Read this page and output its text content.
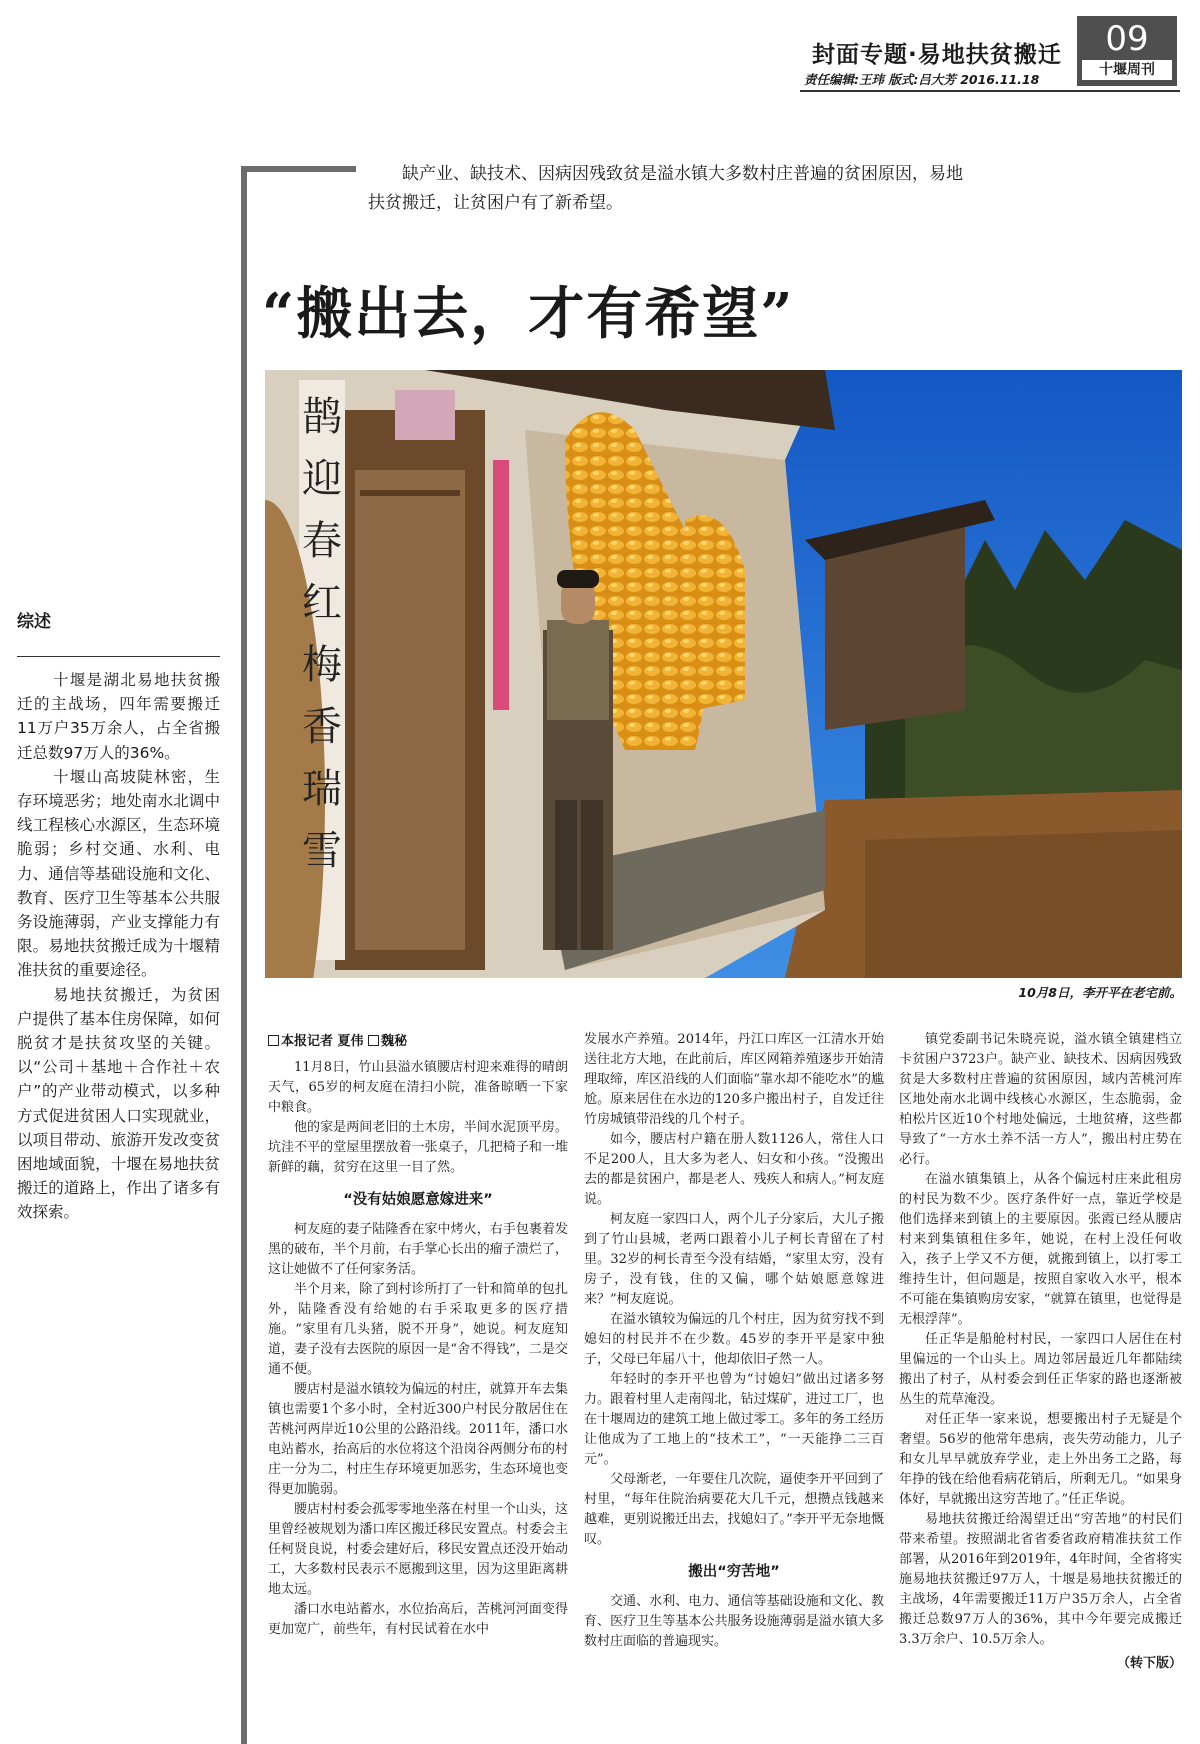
封面专题·易地扶贫搬迁
责任编辑:王玮 版式:吕大芳 2016.11.18
09
十堰周刊
缺产业、缺技术、因病因残致贫是溢水镇大多数村庄普遍的贫困原因，易地扶贫搬迁，让贫困户有了新希望。
“搬出去，才有希望”
鹊迎春红梅香瑞雪
10月8日，李开平在老宅前。
综述

十堰是湖北易地扶贫搬迁的主战场，四年需要搬迁11万户35万余人，占全省搬迁总数97万人的36%。

十堰山高坡陡林密，生存环境恶劣；地处南水北调中线工程核心水源区，生态环境脆弱；乡村交通、水利、电力、通信等基础设施和文化、教育、医疗卫生等基本公共服务设施薄弱，产业支撑能力有限。易地扶贫搬迁成为十堰精准扶贫的重要途径。

易地扶贫搬迁，为贫困户提供了基本住房保障，如何脱贫才是扶贫攻坚的关键。以“公司＋基地＋合作社＋农户”的产业带动模式，以多种方式促进贫困人口实现就业，以项目带动、旅游开发改变贫困地域面貌，十堰在易地扶贫搬迁的道路上，作出了诸多有效探索。

本报记者 夏伟 魏秘

11月8日，竹山县溢水镇腰店村迎来难得的晴朗天气，65岁的柯友庭在清扫小院，准备晾晒一下家中粮食。

他的家是两间老旧的土木房，半间水泥顶平房。坑洼不平的堂屋里摆放着一张桌子，几把椅子和一堆新鲜的藕，贫穷在这里一目了然。

“没有姑娘愿意嫁进来”

柯友庭的妻子陆隆香在家中烤火，右手包裹着发黑的破布，半个月前，右手掌心长出的瘤子溃烂了，这让她做不了任何家务活。

半个月来，除了到村诊所打了一针和简单的包扎外，陆隆香没有给她的右手采取更多的医疗措施。“家里有几头猪，脱不开身”，她说。柯友庭知道，妻子没有去医院的原因一是“舍不得钱”，二是交通不便。

腰店村是溢水镇较为偏远的村庄，就算开车去集镇也需要1个多小时，全村近300户村民分散居住在苦桃河两岸近10公里的公路沿线。2011年，潘口水电站蓄水，抬高后的水位将这个沿岗谷两侧分布的村庄一分为二，村庄生存环境更加恶劣，生态环境也变得更加脆弱。

腰店村村委会孤零零地坐落在村里一个山头，这里曾经被规划为潘口库区搬迁移民安置点。村委会主任柯贤良说，村委会建好后，移民安置点还没开始动工，大多数村民表示不愿搬到这里，因为这里距离耕地太远。

潘口水电站蓄水，水位抬高后，苦桃河河面变得更加宽广，前些年，有村民试着在水中

发展水产养殖。2014年，丹江口库区一江清水开始送往北方大地，在此前后，库区网箱养殖逐步开始清理取缔，库区沿线的人们面临“靠水却不能吃水”的尴尬。原来居住在水边的120多户搬出村子，自发迁往竹房城镇带沿线的几个村子。

如今，腰店村户籍在册人数1126人，常住人口不足200人，且大多为老人、妇女和小孩。“没搬出去的都是贫困户，都是老人、残疾人和病人。”柯友庭说。

柯友庭一家四口人，两个儿子分家后，大儿子搬到了竹山县城，老两口跟着小儿子柯长青留在了村里。32岁的柯长青至今没有结婚，“家里太穷，没有房子，没有钱，住的又偏，哪个姑娘愿意嫁进来？”柯友庭说。

在溢水镇较为偏远的几个村庄，因为贫穷找不到媳妇的村民并不在少数。45岁的李开平是家中独子，父母已年届八十，他却依旧孑然一人。

年轻时的李开平也曾为“讨媳妇”做出过诸多努力。跟着村里人走南闯北，钻过煤矿，进过工厂，也在十堰周边的建筑工地上做过零工。多年的务工经历让他成为了工地上的“技术工”，“一天能挣二三百元”。

父母渐老，一年要住几次院，逼使李开平回到了村里，“每年住院治病要花大几千元，想攒点钱越来越难，更别说搬迁出去，找媳妇了。”李开平无奈地慨叹。

搬出“穷苦地”

交通、水利、电力、通信等基础设施和文化、教育、医疗卫生等基本公共服务设施薄弱是溢水镇大多数村庄面临的普遍现实。

镇党委副书记朱晓亮说，溢水镇全镇建档立卡贫困户3723户。缺产业、缺技术、因病因残致贫是大多数村庄普遍的贫困原因，域内苦桃河库区地处南水北调中线核心水源区，生态脆弱，金柏松片区近10个村地处偏远，土地贫瘠，这些都导致了“一方水土养不活一方人”，搬出村庄势在必行。

在溢水镇集镇上，从各个偏远村庄来此租房的村民为数不少。医疗条件好一点，靠近学校是他们选择来到镇上的主要原因。张霞已经从腰店村来到集镇租住多年，她说，在村上没任何收入，孩子上学又不方便，就搬到镇上，以打零工维持生计，但问题是，按照自家收入水平，根本不可能在集镇购房安家，“就算在镇里，也觉得是无根浮萍”。

任正华是船舱村村民，一家四口人居住在村里偏远的一个山头上。周边邻居最近几年都陆续搬出了村子，从村委会到任正华家的路也逐渐被丛生的荒草淹没。

对任正华一家来说，想要搬出村子无疑是个奢望。56岁的他常年患病，丧失劳动能力，儿子和女儿早早就放弃学业，走上外出务工之路，每年挣的钱在给他看病花销后，所剩无几。“如果身体好，早就搬出这穷苦地了。”任正华说。

易地扶贫搬迁给渴望迁出“穷苦地”的村民们带来希望。按照湖北省省委省政府精准扶贫工作部署，从2016年到2019年，4年时间，全省将实施易地扶贫搬迁97万人，十堰是易地扶贫搬迁的主战场，4年需要搬迁11万户35万余人，占全省搬迁总数97万人的36%，其中今年要完成搬迁3.3万余户、10.5万余人。

（转下版）
